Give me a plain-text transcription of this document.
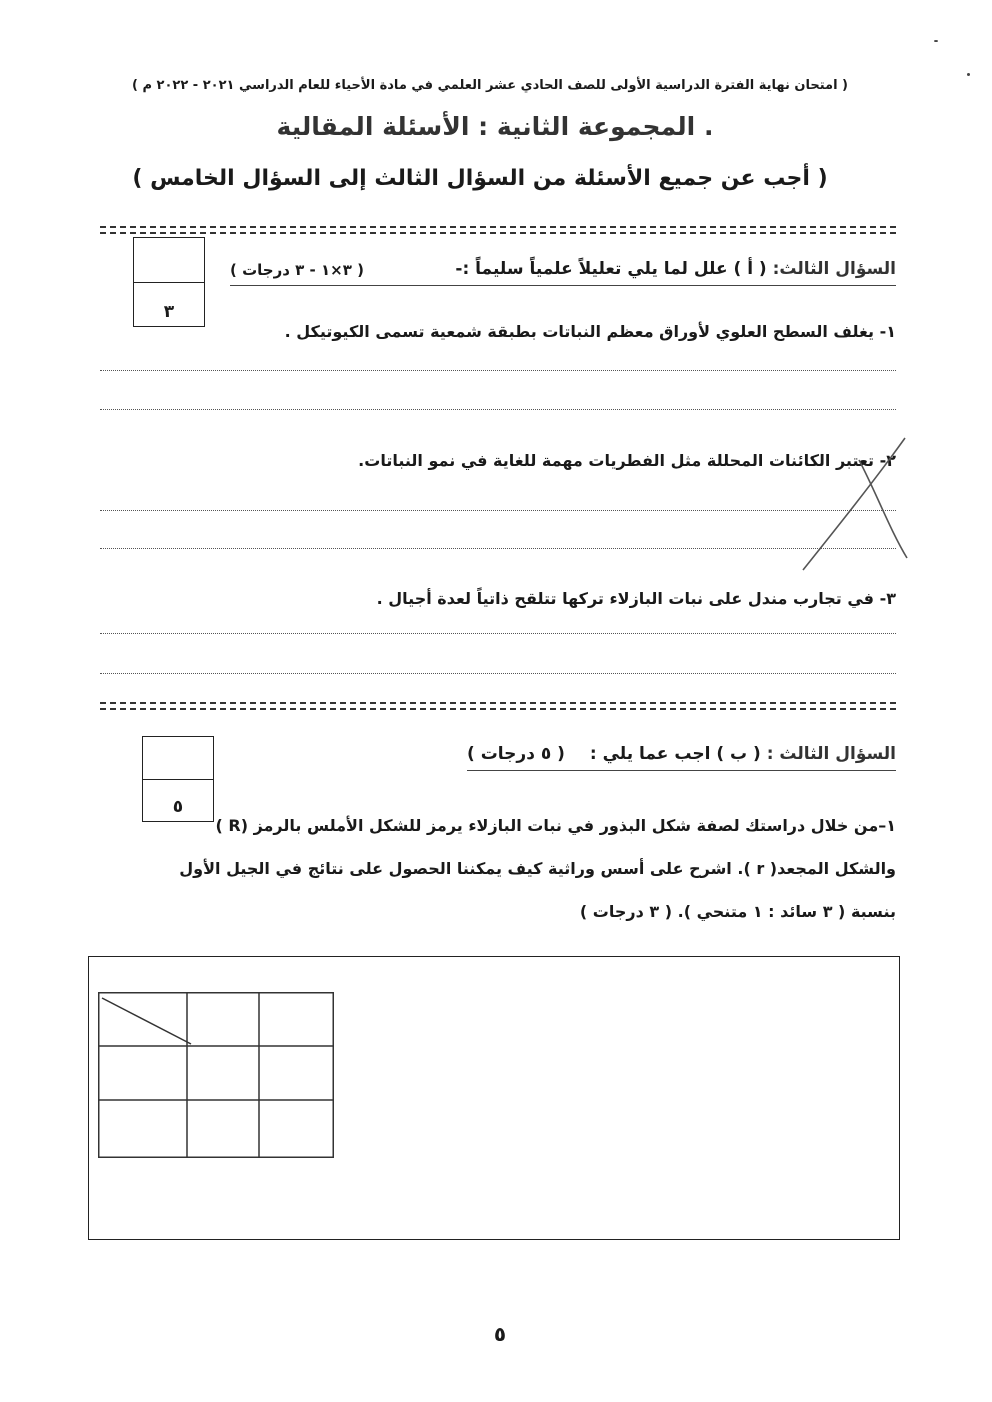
( امتحان نهاية الفترة الدراسية الأولى للصف الحادي عشر العلمي في مادة الأحياء للعام الدراسي ٢٠٢١ - ٢٠٢٢ م )
. المجموعة الثانية : الأسئلة المقالية
( أجب عن جميع الأسئلة من السؤال الثالث إلى السؤال الخامس )
٣
السؤال الثالث: ( أ ) علل لما يلي تعليلاً علمياً سليماً :-
( ٣×١ - ٣ درجات )
١- يغلف السطح العلوي لأوراق معظم النباتات بطبقة شمعية تسمى الكيوتيكل .
٢- تعتبر الكائنات المحللة مثل الفطريات مهمة للغاية في نمو النباتات.
٣- في تجارب مندل على نبات البازلاء تركها تتلقح ذاتياً لعدة أجيال .
٥
السؤال الثالث : ( ب ) اجب عما يلي :
( ٥ درجات )
١–من خلال دراستك لصفة شكل البذور في نبات البازلاء يرمز للشكل الأملس بالرمز (R )
والشكل المجعد( r ). اشرح على أسس وراثية كيف يمكننا الحصول على نتائج في الجيل الأول
بنسبة ( ٣ سائد : ١ متنحي ). ( ٣ درجات )
٥
